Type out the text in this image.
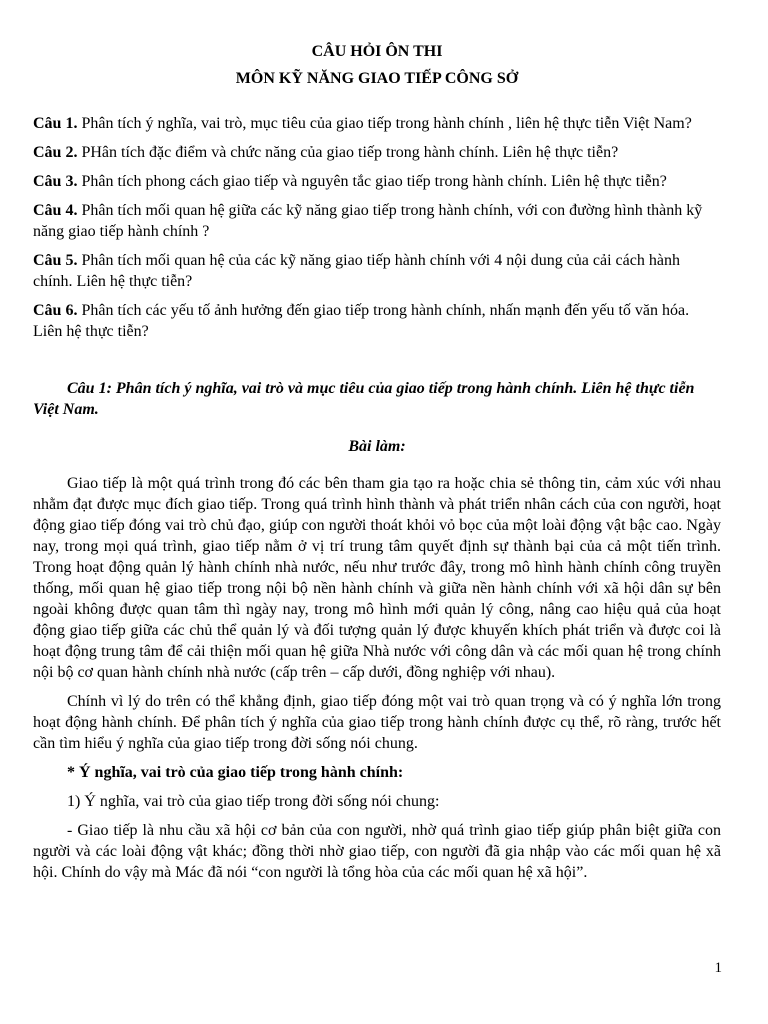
CÂU HỎI ÔN THI

MÔN KỸ NĂNG GIAO TIẾP CÔNG SỞ

Câu 1. Phân tích ý nghĩa, vai trò, mục tiêu của giao tiếp trong hành chính , liên hệ thực tiễn Việt Nam?

Câu 2. PHân tích đặc điểm và chức năng của giao tiếp trong hành chính. Liên hệ thực tiễn?

Câu 3. Phân tích phong cách giao tiếp và nguyên tắc giao tiếp trong hành chính. Liên hệ thực tiễn?

Câu 4. Phân tích mối quan hệ giữa các kỹ năng giao tiếp trong hành chính, với con đường hình thành kỹ năng giao tiếp hành chính ?

Câu 5. Phân tích mối quan hệ của các kỹ năng giao tiếp hành chính với 4 nội dung của cải cách hành chính. Liên hệ thực tiễn?

Câu 6. Phân tích các yếu tố ảnh hưởng đến giao tiếp trong hành chính, nhấn mạnh đến yếu tố văn hóa. Liên hệ thực tiễn?

Câu 1: Phân tích ý nghĩa, vai trò và mục tiêu của giao tiếp trong hành chính. Liên hệ thực tiễn Việt Nam.

Bài làm:

Giao tiếp là một quá trình trong đó các bên tham gia tạo ra hoặc chia sẻ thông tin, cảm xúc với nhau nhằm đạt được mục đích giao tiếp. Trong quá trình hình thành và phát triển nhân cách của con người, hoạt động giao tiếp đóng vai trò chủ đạo, giúp con người thoát khỏi vỏ bọc của một loài động vật bậc cao. Ngày nay, trong mọi quá trình, giao tiếp nằm ở vị trí trung tâm quyết định sự thành bại của cả một tiến trình. Trong hoạt động quản lý hành chính nhà nước, nếu như trước đây, trong mô hình hành chính công truyền thống, mối quan hệ giao tiếp trong nội bộ nền hành chính và giữa nền hành chính với xã hội dân sự bên ngoài không được quan tâm thì ngày nay, trong mô hình mới quản lý công, nâng cao hiệu quả của hoạt động giao tiếp giữa các chủ thể quản lý và đối tượng quản lý được khuyến khích phát triển và được coi là hoạt động trung tâm để cải thiện mối quan hệ giữa Nhà nước với công dân và các mối quan hệ trong chính nội bộ cơ quan hành chính nhà nước (cấp trên – cấp dưới, đồng nghiệp với nhau).

Chính vì lý do trên có thể khẳng định, giao tiếp đóng một vai trò quan trọng và có ý nghĩa lớn trong hoạt động hành chính. Để phân tích ý nghĩa của giao tiếp trong hành chính được cụ thể, rõ ràng, trước hết cần tìm hiểu ý nghĩa của giao tiếp trong đời sống nói chung.

* Ý nghĩa, vai trò của giao tiếp trong hành chính:

1) Ý nghĩa, vai trò của giao tiếp trong đời sống nói chung:

- Giao tiếp là nhu cầu xã hội cơ bản của con người, nhờ quá trình giao tiếp giúp phân biệt giữa con người và các loài động vật khác; đồng thời nhờ giao tiếp, con người đã gia nhập vào các mối quan hệ xã hội. Chính do vậy mà Mác đã nói “con người là tổng hòa của các mối quan hệ xã hội”.

1
